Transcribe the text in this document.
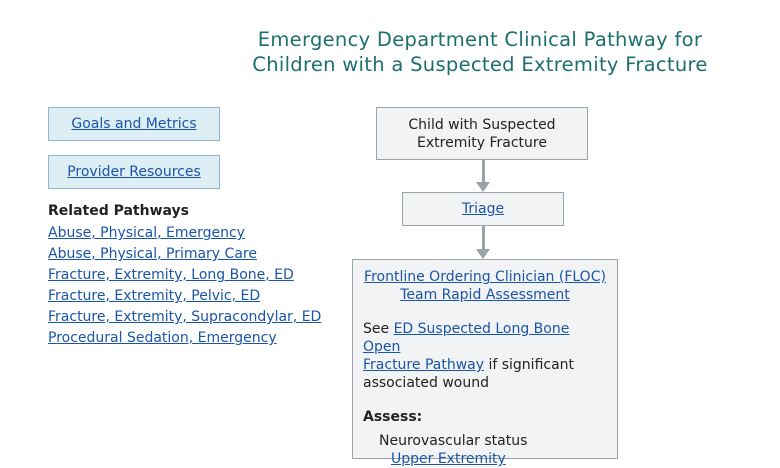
Emergency Department Clinical Pathway for
Children with a Suspected Extremity Fracture
Goals and Metrics
Provider Resources
Related Pathways
Abuse, Physical, Emergency
Abuse, Physical, Primary Care
Fracture, Extremity, Long Bone, ED
Fracture, Extremity, Pelvic, ED
Fracture, Extremity, Supracondylar, ED
Procedural Sedation, Emergency
Child with Suspected
Extremity Fracture
Triage
Frontline Ordering Clinician (FLOC)
Team Rapid Assessment
See ED Suspected Long Bone Open
Fracture Pathway if significant
associated wound
Assess:
Neurovascular status
Upper Extremity
